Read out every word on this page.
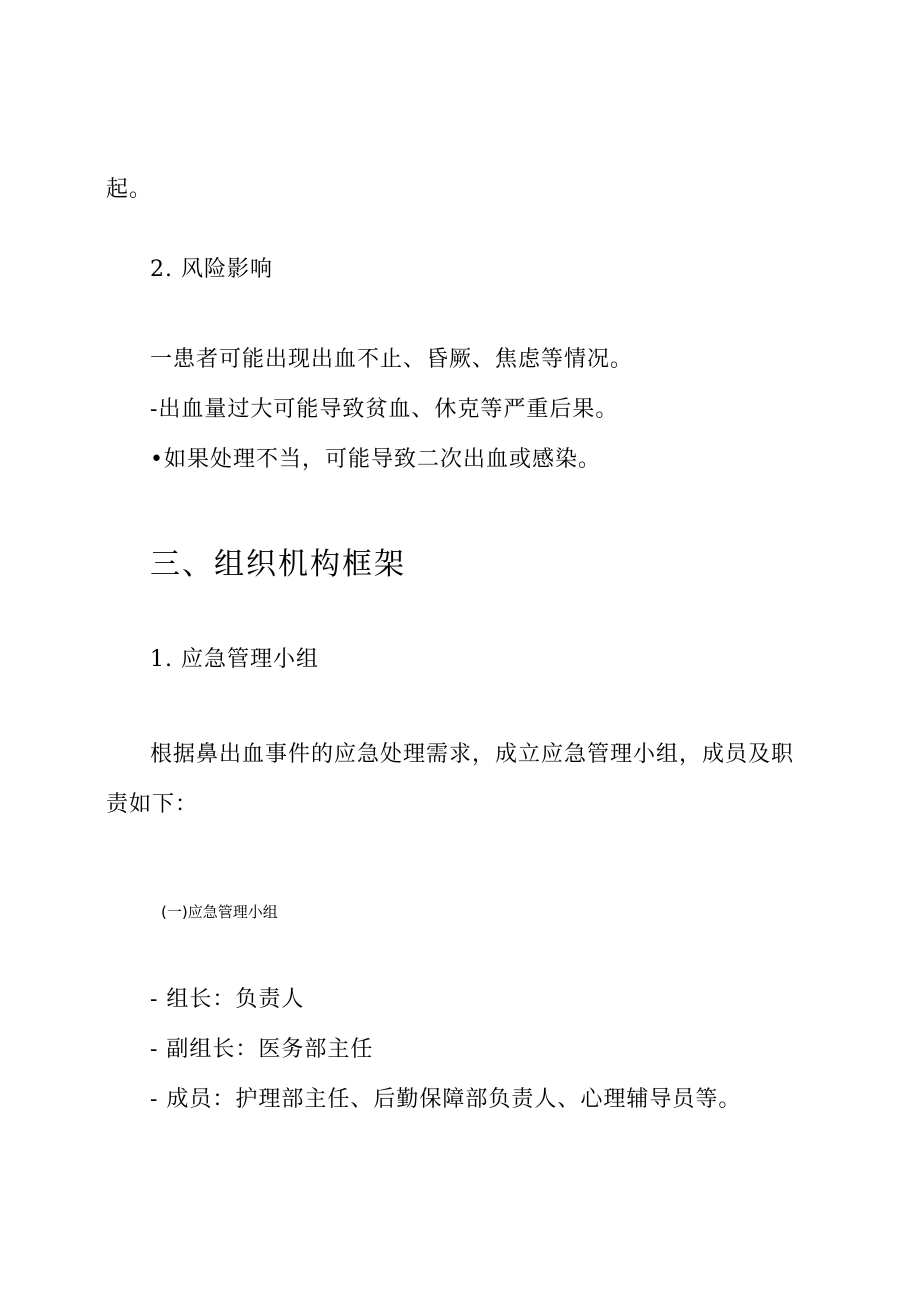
起。
2. 风险影响
一患者可能出现出血不止、昏厥、焦虑等情况。
-出血量过大可能导致贫血、休克等严重后果。
•如果处理不当，可能导致二次出血或感染。
三、组织机构框架
1. 应急管理小组
根据鼻出血事件的应急处理需求，成立应急管理小组，成员及职
责如下：
(一)应急管理小组
- 组长：负责人
- 副组长：医务部主任
- 成员：护理部主任、后勤保障部负责人、心理辅导员等。
